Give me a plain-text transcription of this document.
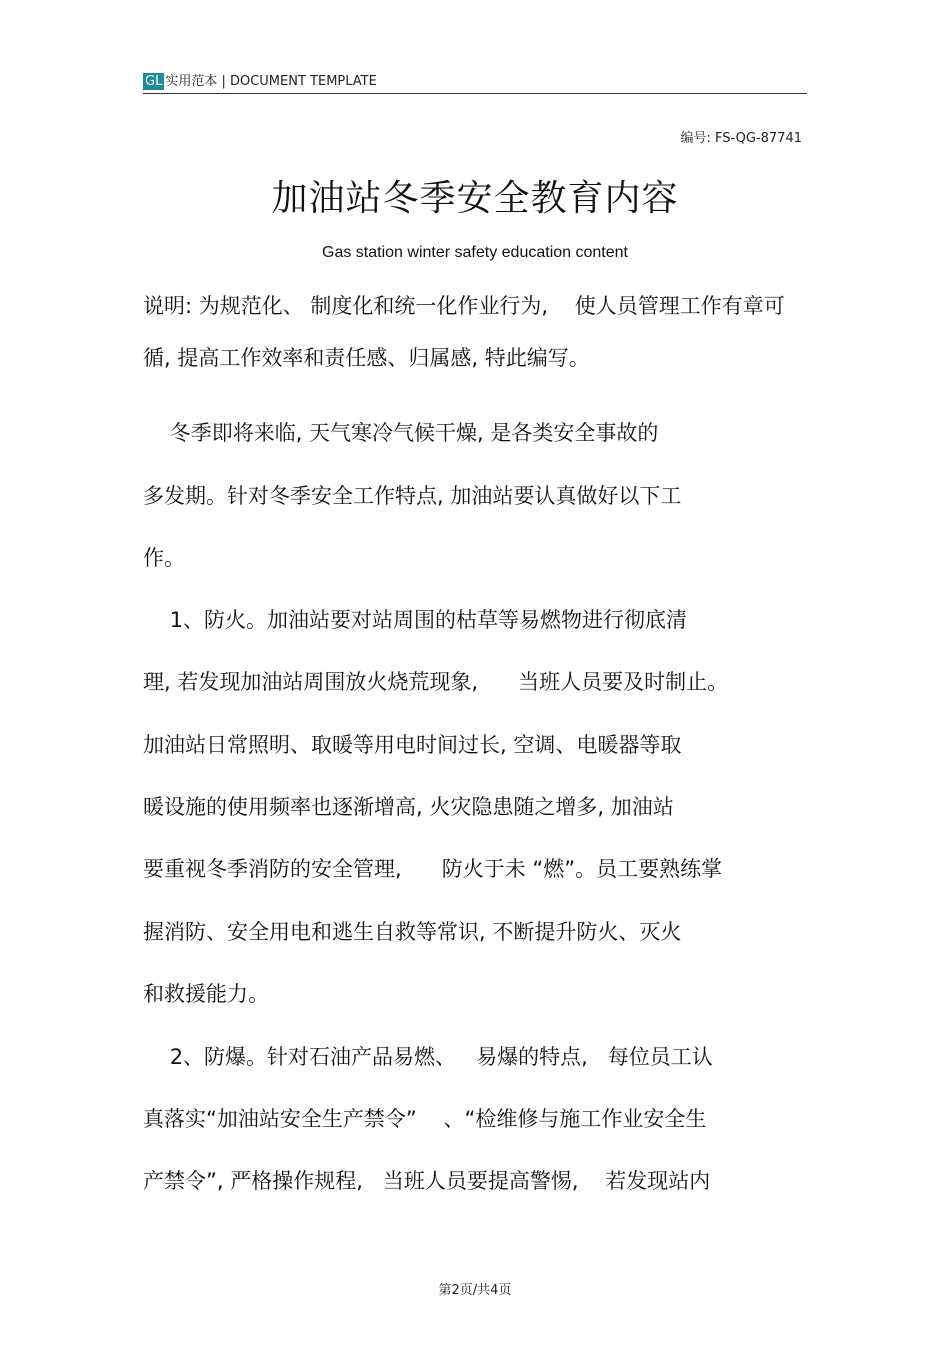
GL 实用范本 | DOCUMENT TEMPLATE
编号: FS-QG-87741
加油站冬季安全教育内容
Gas station winter safety education content
说明: 为规范化、 制度化和统一化作业行为,    使人员管理工作有章可
循, 提高工作效率和责任感、归属感, 特此编写。
冬季即将来临, 天气寒冷气候干燥, 是各类安全事故的
多发期。针对冬季安全工作特点, 加油站要认真做好以下工
作。
1、防火。加油站要对站周围的枯草等易燃物进行彻底清
理, 若发现加油站周围放火烧荒现象,      当班人员要及时制止。
加油站日常照明、取暖等用电时间过长, 空调、电暖器等取
暖设施的使用频率也逐渐增高, 火灾隐患随之增多, 加油站
要重视冬季消防的安全管理,      防火于未 “燃”。员工要熟练掌
握消防、安全用电和逃生自救等常识, 不断提升防火、灭火
和救援能力。
2、防爆。针对石油产品易燃、   易爆的特点,   每位员工认
真落实“加油站安全生产禁令”    、“检维修与施工作业安全生
产禁令”, 严格操作规程,   当班人员要提高警惕,    若发现站内
第2页/共4页
